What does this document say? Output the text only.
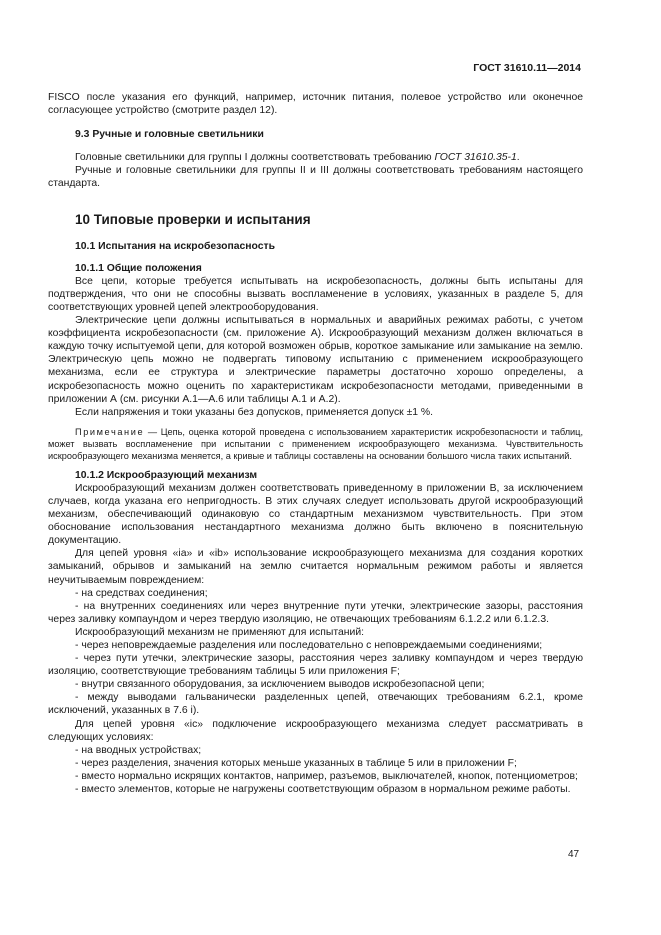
ГОСТ 31610.11—2014

FISCO после указания его функций, например, источник питания, полевое устройство или оконечное согласующее устройство (смотрите раздел 12).

9.3 Ручные и головные светильники

Головные светильники для группы I должны соответствовать требованию ГОСТ 31610.35-1.

Ручные и головные светильники для группы II и III должны соответствовать требованиям настоящего стандарта.

10 Типовые проверки и испытания

10.1 Испытания на искробезопасность

10.1.1 Общие положения

Все цепи, которые требуется испытывать на искробезопасность, должны быть испытаны для подтверждения, что они не способны вызвать воспламенение в условиях, указанных в разделе 5, для соответствующих уровней цепей электрооборудования.

Электрические цепи должны испытываться в нормальных и аварийных режимах работы, с учетом коэффициента искробезопасности (см. приложение А). Искрообразующий механизм должен включаться в каждую точку испытуемой цепи, для которой возможен обрыв, короткое замыкание или замыкание на землю. Электрическую цепь можно не подвергать типовому испытанию с применением искрообразующего механизма, если ее структура и электрические параметры достаточно хорошо определены, а искробезопасность можно оценить по характеристикам искробезопасности методами, приведенными в приложении А (см. рисунки А.1—А.6 или таблицы А.1 и А.2).

Если напряжения и токи указаны без допусков, применяется допуск ±1 %.

Примечание — Цепь, оценка которой проведена с использованием характеристик искробезопасности и таблиц, может вызвать воспламенение при испытании с применением искрообразующего механизма. Чувствительность искрообразующего механизма меняется, а кривые и таблицы составлены на основании большого числа таких испытаний.

10.1.2 Искрообразующий механизм

Искрообразующий механизм должен соответствовать приведенному в приложении В, за исключением случаев, когда указана его непригодность. В этих случаях следует использовать другой искрообразующий механизм, обеспечивающий одинаковую со стандартным механизмом чувствительность. При этом обоснование использования нестандартного механизма должно быть включено в пояснительную документацию.

Для цепей уровня «ia» и «ib» использование искрообразующего механизма для создания коротких замыканий, обрывов и замыканий на землю считается нормальным режимом работы и является неучитываемым повреждением:

- на средствах соединения;

- на внутренних соединениях или через внутренние пути утечки, электрические зазоры, расстояния через заливку компаундом и через твердую изоляцию, не отвечающих требованиям 6.1.2.2 или 6.1.2.3.

Искрообразующий механизм не применяют для испытаний:

- через неповреждаемые разделения или последовательно с неповреждаемыми соединениями;

- через пути утечки, электрические зазоры, расстояния через заливку компаундом и через твердую изоляцию, соответствующие требованиям таблицы 5 или приложения F;

- внутри связанного оборудования, за исключением выводов искробезопасной цепи;

- между выводами гальванически разделенных цепей, отвечающих требованиям 6.2.1, кроме исключений, указанных в 7.6 i).

Для цепей уровня «ic» подключение искрообразующего механизма следует рассматривать в следующих условиях:

- на вводных устройствах;

- через разделения, значения которых меньше указанных в таблице 5 или в приложении F;

- вместо нормально искрящих контактов, например, разъемов, выключателей, кнопок, потенциометров;

- вместо элементов, которые не нагружены соответствующим образом в нормальном режиме работы.

47
